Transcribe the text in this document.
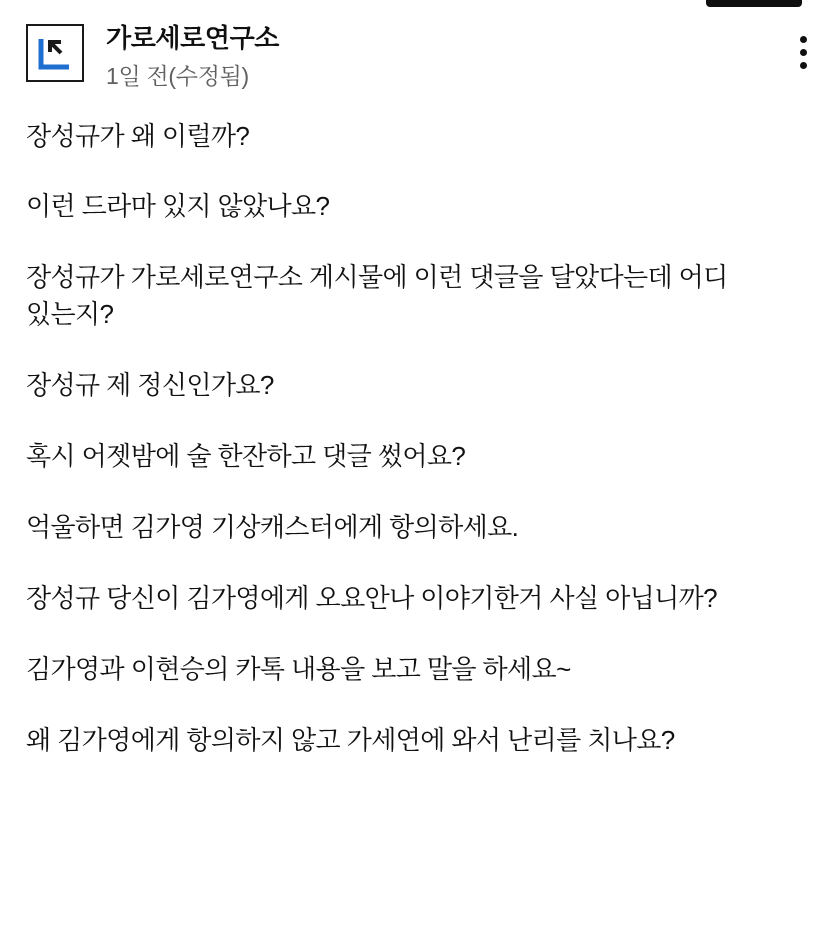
가로세로연구소
1일 전(수정됨)

장성규가 왜 이럴까?

이런 드라마 있지 않았나요?

장성규가 가로세로연구소 게시물에 이런 댓글을 달았다는데 어디 있는지?

장성규 제 정신인가요?

혹시 어젯밤에 술 한잔하고 댓글 썼어요?

억울하면 김가영 기상캐스터에게 항의하세요.

장성규 당신이 김가영에게 오요안나 이야기한거 사실 아닙니까?

김가영과 이현승의 카톡 내용을 보고 말을 하세요~

왜 김가영에게 항의하지 않고 가세연에 와서 난리를 치나요?
